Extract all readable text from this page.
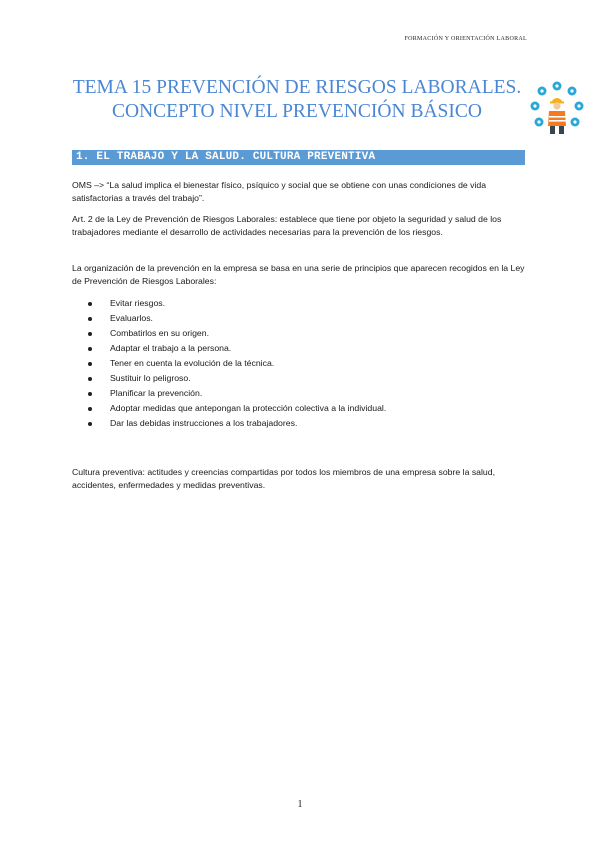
FORMACIÓN Y ORIENTACIÓN LABORAL
TEMA 15 PREVENCIÓN DE RIESGOS LABORALES.
CONCEPTO NIVEL PREVENCIÓN BÁSICO
1. EL TRABAJO Y LA SALUD. CULTURA PREVENTIVA
OMS –> “La salud implica el bienestar físico, psíquico y social que se obtiene con unas condiciones de vida satisfactorias a través del trabajo”.
Art. 2 de la Ley de Prevención de Riesgos Laborales: establece que tiene por objeto la seguridad y salud de los trabajadores mediante el desarrollo de actividades necesarias para la prevención de los riesgos.
La organización de la prevención en la empresa se basa en una serie de principios que aparecen recogidos en la Ley de Prevención de Riesgos Laborales:
Evitar riesgos.
Evaluarlos.
Combatirlos en su origen.
Adaptar el trabajo a la persona.
Tener en cuenta la evolución de la técnica.
Sustituir lo peligroso.
Planificar la prevención.
Adoptar medidas que antepongan la protección colectiva a la individual.
Dar las debidas instrucciones a los trabajadores.
Cultura preventiva: actitudes y creencias compartidas por todos los miembros de una empresa sobre la salud, accidentes, enfermedades y medidas preventivas.
1
